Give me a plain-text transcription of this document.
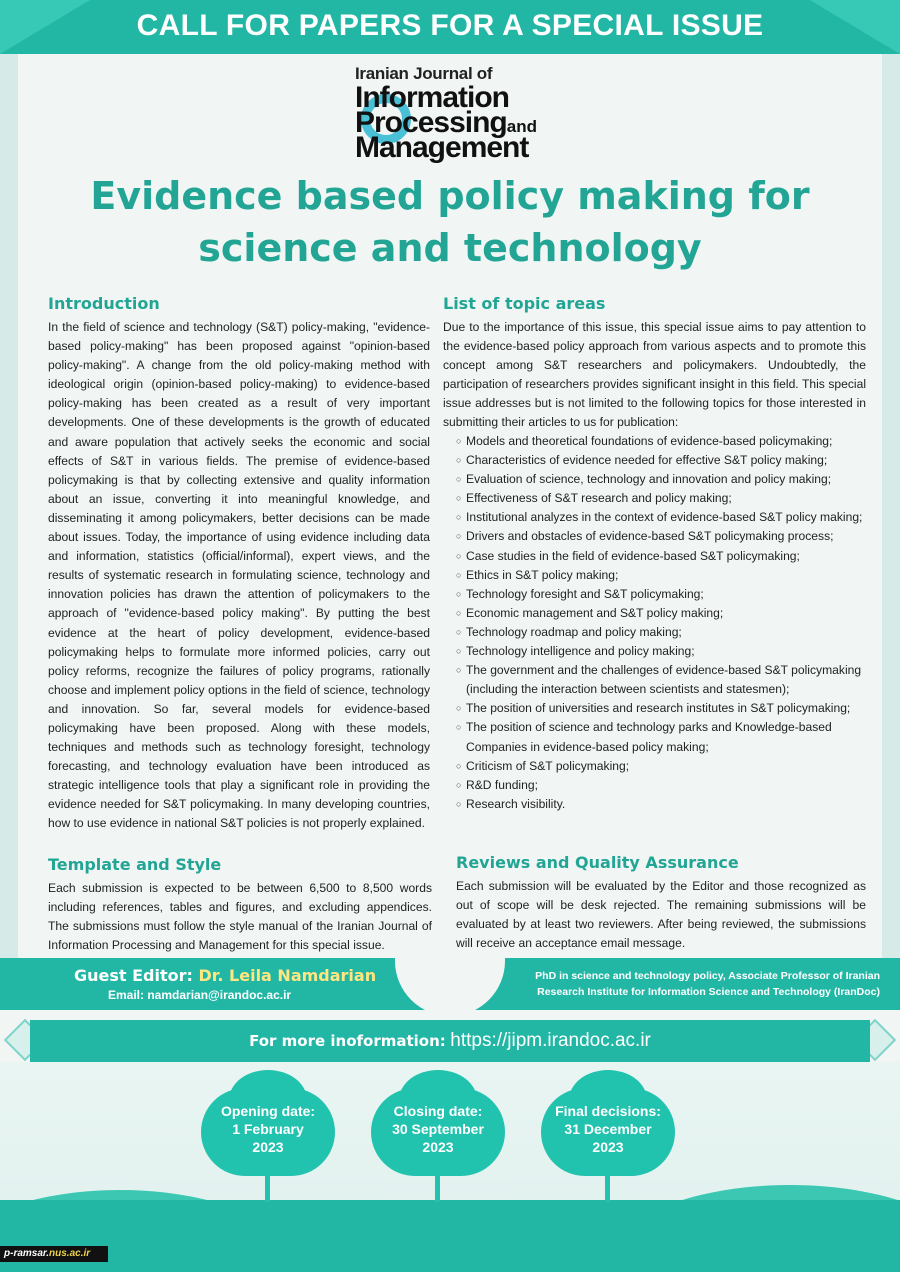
CALL FOR PAPERS FOR A SPECIAL ISSUE
Iranian Journal of
Information
Processingand
Management
Evidence based policy making for science and technology
Introduction
In the field of science and technology (S&T) policy-making, "evidence-based policy-making" has been proposed against "opinion-based policy-making". A change from the old policy-making method with ideological origin (opinion-based policy-making) to evidence-based policy-making has been created as a result of very important developments. One of these developments is the growth of educated and aware population that actively seeks the economic and social effects of S&T in various fields. The premise of evidence-based policymaking is that by collecting extensive and quality information about an issue, converting it into meaningful knowledge, and disseminating it among policymakers, better decisions can be made about issues. Today, the importance of using evidence including data and information, statistics (official/informal), expert views, and the results of systematic research in formulating science, technology and innovation policies has drawn the attention of policymakers to the approach of "evidence-based policy making". By putting the best evidence at the heart of policy development, evidence-based policymaking helps to formulate more informed policies, carry out policy reforms, recognize the failures of policy programs, rationally choose and implement policy options in the field of science, technology and innovation. So far, several models for evidence-based policymaking have been proposed. Along with these models, techniques and methods such as technology foresight, technology forecasting, and technology evaluation have been introduced as strategic intelligence tools that play a significant role in providing the evidence needed for S&T policymaking. In many developing countries, how to use evidence in national S&T policies is not properly explained.
Template and Style
Each submission is expected to be between 6,500 to 8,500 words including references, tables and figures, and excluding appendices. The submissions must follow the style manual of the Iranian Journal of Information Processing and Management for this special issue.
List of topic areas
Due to the importance of this issue, this special issue aims to pay attention to the evidence-based policy approach from various aspects and to promote this concept among S&T researchers and policymakers. Undoubtedly, the participation of researchers provides significant insight in this field. This special issue addresses but is not limited to the following topics for those interested in submitting their articles to us for publication:
○ Models and theoretical foundations of evidence-based policymaking;
○ Characteristics of evidence needed for effective S&T policy making;
○ Evaluation of science, technology and innovation and policy making;
○ Effectiveness of S&T research and policy making;
○ Institutional analyzes in the context of evidence-based S&T policy making;
○ Drivers and obstacles of evidence-based S&T policymaking process;
○ Case studies in the field of evidence-based S&T policymaking;
○ Ethics in S&T policy making;
○ Technology foresight and S&T policymaking;
○ Economic management and S&T policy making;
○ Technology roadmap and policy making;
○ Technology intelligence and policy making;
○ The government and the challenges of evidence-based S&T policymaking (including the interaction between scientists and statesmen);
○ The position of universities and research institutes in S&T policymaking;
○ The position of science and technology parks and Knowledge-based Companies in evidence-based policy making;
○ Criticism of S&T policymaking;
○ R&D funding;
○ Research visibility.
Reviews and Quality Assurance
Each submission will be evaluated by the Editor and those recognized as out of scope will be desk rejected. The remaining submissions will be evaluated by at least two reviewers. After being reviewed, the submissions will receive an acceptance email message.
Guest Editor: Dr. Leila Namdarian
Email: namdarian@irandoc.ac.ir
PhD in science and technology policy, Associate Professor of Iranian Research Institute for Information Science and Technology (IranDoc)
For more inoformation: https://jipm.irandoc.ac.ir
Opening date:
1 February
2023
Closing date:
30 September
2023
Final decisions:
31 December
2023
p-ramsar.nus.ac.ir
